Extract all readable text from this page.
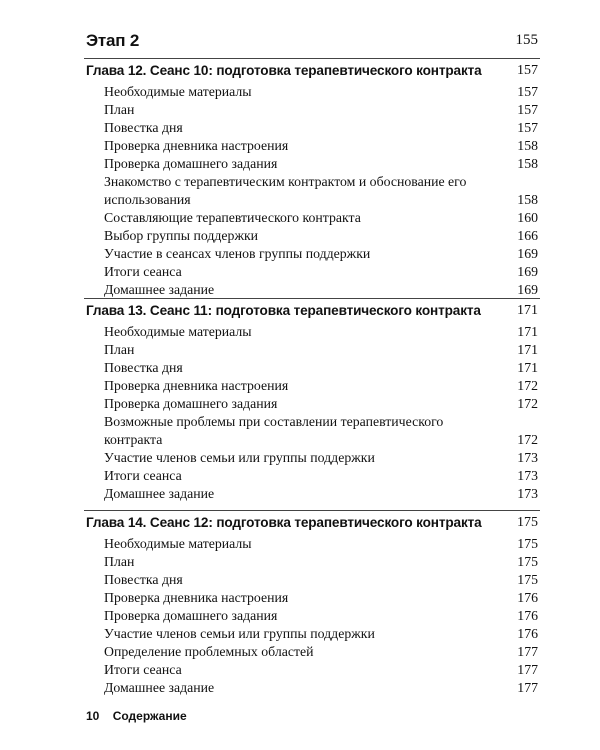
Этап 2	155
Глава 12. Сеанс 10: подготовка терапевтического контракта	157
Необходимые материалы	157
План	157
Повестка дня	157
Проверка дневника настроения	158
Проверка домашнего задания	158
Знакомство с терапевтическим контрактом и обоснование его использования	158
Составляющие терапевтического контракта	160
Выбор группы поддержки	166
Участие в сеансах членов группы поддержки	169
Итоги сеанса	169
Домашнее задание	169
Глава 13. Сеанс 11: подготовка терапевтического контракта	171
Необходимые материалы	171
План	171
Повестка дня	171
Проверка дневника настроения	172
Проверка домашнего задания	172
Возможные проблемы при составлении терапевтического контракта	172
Участие членов семьи или группы поддержки	173
Итоги сеанса	173
Домашнее задание	173
Глава 14. Сеанс 12: подготовка терапевтического контракта	175
Необходимые материалы	175
План	175
Повестка дня	175
Проверка дневника настроения	176
Проверка домашнего задания	176
Участие членов семьи или группы поддержки	176
Определение проблемных областей	177
Итоги сеанса	177
Домашнее задание	177
10 Содержание
